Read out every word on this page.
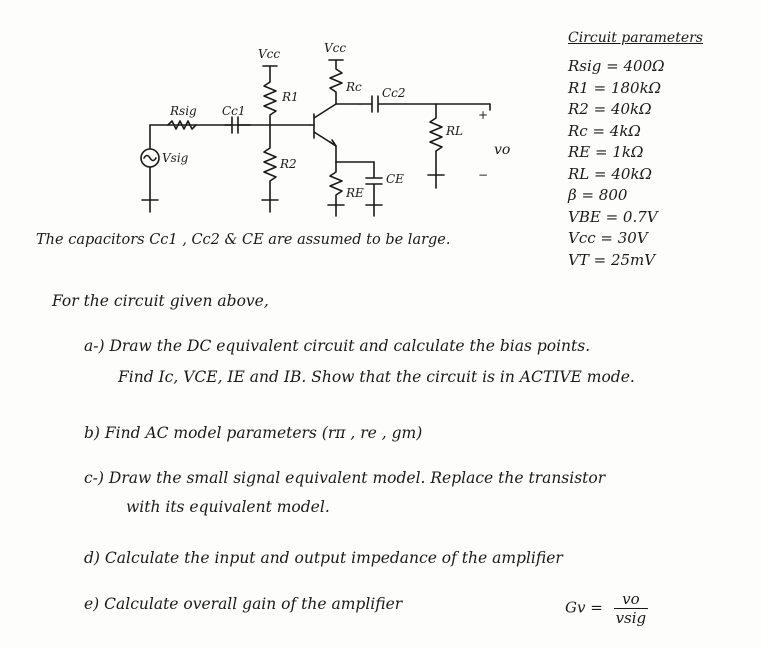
Vcc	Vcc
R1
Rc Cc2
Rsig Cc1
RL
+
−
vo
Vsig	R2
RE
CE
Circuit parameters
Rsig = 400Ω
R1 = 180kΩ
R2 = 40kΩ
Rc = 4kΩ
RE = 1kΩ
RL = 40kΩ
β = 800
VBE = 0.7V
Vcc = 30V
VT = 25mV
The capacitors Cc1 , Cc2 & CE are assumed to be large.
For the circuit given above,
a-) Draw the DC equivalent circuit and calculate the bias points.
Find Ic, VCE, IE and IB. Show that the circuit is in ACTIVE mode.
b) Find AC model parameters (rπ , re , gm)
c-) Draw the small signal equivalent model. Replace the transistor
with its equivalent model.
d) Calculate the input and output impedance of the amplifier
e) Calculate overall gain of the amplifier	$Gv = \frac{vo}{\text{vsig}}$
